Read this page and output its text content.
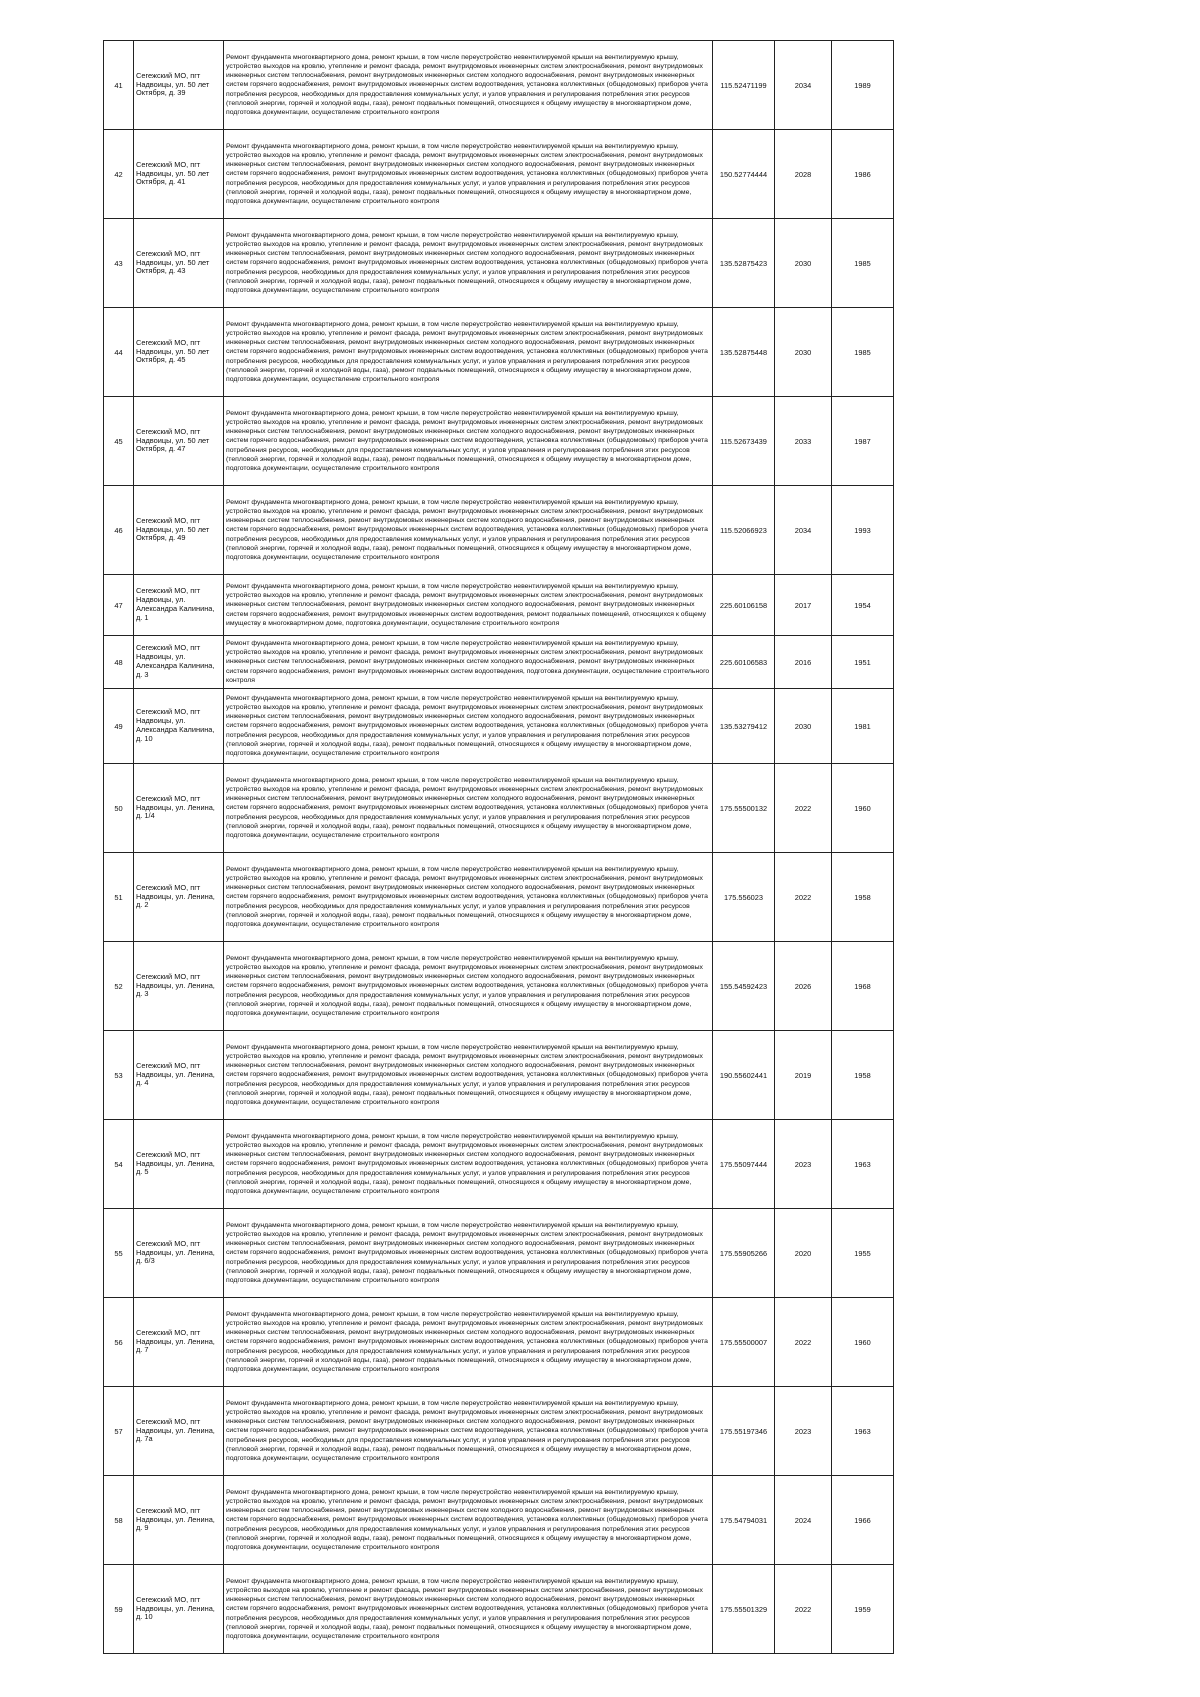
41	Сегежский МО, пгт Надвоицы, ул. 50 лет Октября, д. 39	Ремонт фундамента многоквартирного дома, ремонт крыши, в том числе переустройство невентилируемой крыши на вентилируемую крышу, устройство выходов на кровлю, утепление и ремонт фасада, ремонт внутридомовых инженерных систем электроснабжения, ремонт внутридомовых инженерных систем теплоснабжения, ремонт внутридомовых инженерных систем холодного водоснабжения, ремонт внутридомовых инженерных систем горячего водоснабжения, ремонт внутридомовых инженерных систем водоотведения, установка коллективных (общедомовых) приборов учета потребления ресурсов, необходимых для предоставления коммунальных услуг, и узлов управления и регулирования потребления этих ресурсов (тепловой энергии, горячей и холодной воды, газа), ремонт подвальных помещений, относящихся к общему имуществу в многоквартирном доме, подготовка документации, осуществление строительного контроля	115.52471199	2034	1989
42	Сегежский МО, пгт Надвоицы, ул. 50 лет Октября, д. 41	Ремонт фундамента многоквартирного дома, ремонт крыши, в том числе переустройство невентилируемой крыши на вентилируемую крышу, устройство выходов на кровлю, утепление и ремонт фасада, ремонт внутридомовых инженерных систем электроснабжения, ремонт внутридомовых инженерных систем теплоснабжения, ремонт внутридомовых инженерных систем холодного водоснабжения, ремонт внутридомовых инженерных систем горячего водоснабжения, ремонт внутридомовых инженерных систем водоотведения, установка коллективных (общедомовых) приборов учета потребления ресурсов, необходимых для предоставления коммунальных услуг, и узлов управления и регулирования потребления этих ресурсов (тепловой энергии, горячей и холодной воды, газа), ремонт подвальных помещений, относящихся к общему имуществу в многоквартирном доме, подготовка документации, осуществление строительного контроля	150.52774444	2028	1986
43	Сегежский МО, пгт Надвоицы, ул. 50 лет Октября, д. 43	Ремонт фундамента многоквартирного дома, ремонт крыши, в том числе переустройство невентилируемой крыши на вентилируемую крышу, устройство выходов на кровлю, утепление и ремонт фасада, ремонт внутридомовых инженерных систем электроснабжения, ремонт внутридомовых инженерных систем теплоснабжения, ремонт внутридомовых инженерных систем холодного водоснабжения, ремонт внутридомовых инженерных систем горячего водоснабжения, ремонт внутридомовых инженерных систем водоотведения, установка коллективных (общедомовых) приборов учета потребления ресурсов, необходимых для предоставления коммунальных услуг, и узлов управления и регулирования потребления этих ресурсов (тепловой энергии, горячей и холодной воды, газа), ремонт подвальных помещений, относящихся к общему имуществу в многоквартирном доме, подготовка документации, осуществление строительного контроля	135.52875423	2030	1985
44	Сегежский МО, пгт Надвоицы, ул. 50 лет Октября, д. 45	Ремонт фундамента многоквартирного дома, ремонт крыши, в том числе переустройство невентилируемой крыши на вентилируемую крышу, устройство выходов на кровлю, утепление и ремонт фасада, ремонт внутридомовых инженерных систем электроснабжения, ремонт внутридомовых инженерных систем теплоснабжения, ремонт внутридомовых инженерных систем холодного водоснабжения, ремонт внутридомовых инженерных систем горячего водоснабжения, ремонт внутридомовых инженерных систем водоотведения, установка коллективных (общедомовых) приборов учета потребления ресурсов, необходимых для предоставления коммунальных услуг, и узлов управления и регулирования потребления этих ресурсов (тепловой энергии, горячей и холодной воды, газа), ремонт подвальных помещений, относящихся к общему имуществу в многоквартирном доме, подготовка документации, осуществление строительного контроля	135.52875448	2030	1985
45	Сегежский МО, пгт Надвоицы, ул. 50 лет Октября, д. 47	Ремонт фундамента многоквартирного дома, ремонт крыши, в том числе переустройство невентилируемой крыши на вентилируемую крышу, устройство выходов на кровлю, утепление и ремонт фасада, ремонт внутридомовых инженерных систем электроснабжения, ремонт внутридомовых инженерных систем теплоснабжения, ремонт внутридомовых инженерных систем холодного водоснабжения, ремонт внутридомовых инженерных систем горячего водоснабжения, ремонт внутридомовых инженерных систем водоотведения, установка коллективных (общедомовых) приборов учета потребления ресурсов, необходимых для предоставления коммунальных услуг, и узлов управления и регулирования потребления этих ресурсов (тепловой энергии, горячей и холодной воды, газа), ремонт подвальных помещений, относящихся к общему имуществу в многоквартирном доме, подготовка документации, осуществление строительного контроля	115.52673439	2033	1987
46	Сегежский МО, пгт Надвоицы, ул. 50 лет Октября, д. 49	Ремонт фундамента многоквартирного дома, ремонт крыши, в том числе переустройство невентилируемой крыши на вентилируемую крышу, устройство выходов на кровлю, утепление и ремонт фасада, ремонт внутридомовых инженерных систем электроснабжения, ремонт внутридомовых инженерных систем теплоснабжения, ремонт внутридомовых инженерных систем холодного водоснабжения, ремонт внутридомовых инженерных систем горячего водоснабжения, ремонт внутридомовых инженерных систем водоотведения, установка коллективных (общедомовых) приборов учета потребления ресурсов, необходимых для предоставления коммунальных услуг, и узлов управления и регулирования потребления этих ресурсов (тепловой энергии, горячей и холодной воды, газа), ремонт подвальных помещений, относящихся к общему имуществу в многоквартирном доме, подготовка документации, осуществление строительного контроля	115.52066923	2034	1993
47	Сегежский МО, пгт Надвоицы, ул. Александра Калинина, д. 1	Ремонт фундамента многоквартирного дома, ремонт крыши, в том числе переустройство невентилируемой крыши на вентилируемую крышу, устройство выходов на кровлю, утепление и ремонт фасада, ремонт внутридомовых инженерных систем электроснабжения, ремонт внутридомовых инженерных систем теплоснабжения, ремонт внутридомовых инженерных систем холодного водоснабжения, ремонт внутридомовых инженерных систем горячего водоснабжения, ремонт внутридомовых инженерных систем водоотведения, ремонт подвальных помещений, относящихся к общему имуществу в многоквартирном доме, подготовка документации, осуществление строительного контроля	225.60106158	2017	1954
48	Сегежский МО, пгт Надвоицы, ул. Александра Калинина, д. 3	Ремонт фундамента многоквартирного дома, ремонт крыши, в том числе переустройство невентилируемой крыши на вентилируемую крышу, устройство выходов на кровлю, утепление и ремонт фасада, ремонт внутридомовых инженерных систем электроснабжения, ремонт внутридомовых инженерных систем теплоснабжения, ремонт внутридомовых инженерных систем холодного водоснабжения, ремонт внутридомовых инженерных систем горячего водоснабжения, ремонт внутридомовых инженерных систем водоотведения, подготовка документации, осуществление строительного контроля	225.60106583	2016	1951
49	Сегежский МО, пгт Надвоицы, ул. Александра Калинина, д. 10	Ремонт фундамента многоквартирного дома, ремонт крыши, в том числе переустройство невентилируемой крыши на вентилируемую крышу, устройство выходов на кровлю, утепление и ремонт фасада, ремонт внутридомовых инженерных систем электроснабжения, ремонт внутридомовых инженерных систем теплоснабжения, ремонт внутридомовых инженерных систем холодного водоснабжения, ремонт внутридомовых инженерных систем горячего водоснабжения, ремонт внутридомовых инженерных систем водоотведения, установка коллективных (общедомовых) приборов учета потребления ресурсов, необходимых для предоставления коммунальных услуг, и узлов управления и регулирования потребления этих ресурсов (тепловой энергии, горячей и холодной воды, газа), ремонт подвальных помещений, относящихся к общему имуществу в многоквартирном доме, подготовка документации, осуществление строительного контроля	135.53279412	2030	1981
50	Сегежский МО, пгт Надвоицы, ул. Ленина, д. 1/4	Ремонт фундамента многоквартирного дома, ремонт крыши, в том числе переустройство невентилируемой крыши на вентилируемую крышу, устройство выходов на кровлю, утепление и ремонт фасада, ремонт внутридомовых инженерных систем электроснабжения, ремонт внутридомовых инженерных систем теплоснабжения, ремонт внутридомовых инженерных систем холодного водоснабжения, ремонт внутридомовых инженерных систем горячего водоснабжения, ремонт внутридомовых инженерных систем водоотведения, установка коллективных (общедомовых) приборов учета потребления ресурсов, необходимых для предоставления коммунальных услуг, и узлов управления и регулирования потребления этих ресурсов (тепловой энергии, горячей и холодной воды, газа), ремонт подвальных помещений, относящихся к общему имуществу в многоквартирном доме, подготовка документации, осуществление строительного контроля	175.55500132	2022	1960
51	Сегежский МО, пгт Надвоицы, ул. Ленина, д. 2	Ремонт фундамента многоквартирного дома, ремонт крыши, в том числе переустройство невентилируемой крыши на вентилируемую крышу, устройство выходов на кровлю, утепление и ремонт фасада, ремонт внутридомовых инженерных систем электроснабжения, ремонт внутридомовых инженерных систем теплоснабжения, ремонт внутридомовых инженерных систем холодного водоснабжения, ремонт внутридомовых инженерных систем горячего водоснабжения, ремонт внутридомовых инженерных систем водоотведения, установка коллективных (общедомовых) приборов учета потребления ресурсов, необходимых для предоставления коммунальных услуг, и узлов управления и регулирования потребления этих ресурсов (тепловой энергии, горячей и холодной воды, газа), ремонт подвальных помещений, относящихся к общему имуществу в многоквартирном доме, подготовка документации, осуществление строительного контроля	175.556023	2022	1958
52	Сегежский МО, пгт Надвоицы, ул. Ленина, д. 3	Ремонт фундамента многоквартирного дома, ремонт крыши, в том числе переустройство невентилируемой крыши на вентилируемую крышу, устройство выходов на кровлю, утепление и ремонт фасада, ремонт внутридомовых инженерных систем электроснабжения, ремонт внутридомовых инженерных систем теплоснабжения, ремонт внутридомовых инженерных систем холодного водоснабжения, ремонт внутридомовых инженерных систем горячего водоснабжения, ремонт внутридомовых инженерных систем водоотведения, установка коллективных (общедомовых) приборов учета потребления ресурсов, необходимых для предоставления коммунальных услуг, и узлов управления и регулирования потребления этих ресурсов (тепловой энергии, горячей и холодной воды, газа), ремонт подвальных помещений, относящихся к общему имуществу в многоквартирном доме, подготовка документации, осуществление строительного контроля	155.54592423	2026	1968
53	Сегежский МО, пгт Надвоицы, ул. Ленина, д. 4	Ремонт фундамента многоквартирного дома, ремонт крыши, в том числе переустройство невентилируемой крыши на вентилируемую крышу, устройство выходов на кровлю, утепление и ремонт фасада, ремонт внутридомовых инженерных систем электроснабжения, ремонт внутридомовых инженерных систем теплоснабжения, ремонт внутридомовых инженерных систем холодного водоснабжения, ремонт внутридомовых инженерных систем горячего водоснабжения, ремонт внутридомовых инженерных систем водоотведения, установка коллективных (общедомовых) приборов учета потребления ресурсов, необходимых для предоставления коммунальных услуг, и узлов управления и регулирования потребления этих ресурсов (тепловой энергии, горячей и холодной воды, газа), ремонт подвальных помещений, относящихся к общему имуществу в многоквартирном доме, подготовка документации, осуществление строительного контроля	190.55602441	2019	1958
54	Сегежский МО, пгт Надвоицы, ул. Ленина, д. 5	Ремонт фундамента многоквартирного дома, ремонт крыши, в том числе переустройство невентилируемой крыши на вентилируемую крышу, устройство выходов на кровлю, утепление и ремонт фасада, ремонт внутридомовых инженерных систем электроснабжения, ремонт внутридомовых инженерных систем теплоснабжения, ремонт внутридомовых инженерных систем холодного водоснабжения, ремонт внутридомовых инженерных систем горячего водоснабжения, ремонт внутридомовых инженерных систем водоотведения, установка коллективных (общедомовых) приборов учета потребления ресурсов, необходимых для предоставления коммунальных услуг, и узлов управления и регулирования потребления этих ресурсов (тепловой энергии, горячей и холодной воды, газа), ремонт подвальных помещений, относящихся к общему имуществу в многоквартирном доме, подготовка документации, осуществление строительного контроля	175.55097444	2023	1963
55	Сегежский МО, пгт Надвоицы, ул. Ленина, д. 6/3	Ремонт фундамента многоквартирного дома, ремонт крыши, в том числе переустройство невентилируемой крыши на вентилируемую крышу, устройство выходов на кровлю, утепление и ремонт фасада, ремонт внутридомовых инженерных систем электроснабжения, ремонт внутридомовых инженерных систем теплоснабжения, ремонт внутридомовых инженерных систем холодного водоснабжения, ремонт внутридомовых инженерных систем горячего водоснабжения, ремонт внутридомовых инженерных систем водоотведения, установка коллективных (общедомовых) приборов учета потребления ресурсов, необходимых для предоставления коммунальных услуг, и узлов управления и регулирования потребления этих ресурсов (тепловой энергии, горячей и холодной воды, газа), ремонт подвальных помещений, относящихся к общему имуществу в многоквартирном доме, подготовка документации, осуществление строительного контроля	175.55905266	2020	1955
56	Сегежский МО, пгт Надвоицы, ул. Ленина, д. 7	Ремонт фундамента многоквартирного дома, ремонт крыши, в том числе переустройство невентилируемой крыши на вентилируемую крышу, устройство выходов на кровлю, утепление и ремонт фасада, ремонт внутридомовых инженерных систем электроснабжения, ремонт внутридомовых инженерных систем теплоснабжения, ремонт внутридомовых инженерных систем холодного водоснабжения, ремонт внутридомовых инженерных систем горячего водоснабжения, ремонт внутридомовых инженерных систем водоотведения, установка коллективных (общедомовых) приборов учета потребления ресурсов, необходимых для предоставления коммунальных услуг, и узлов управления и регулирования потребления этих ресурсов (тепловой энергии, горячей и холодной воды, газа), ремонт подвальных помещений, относящихся к общему имуществу в многоквартирном доме, подготовка документации, осуществление строительного контроля	175.55500007	2022	1960
57	Сегежский МО, пгт Надвоицы, ул. Ленина, д. 7а	Ремонт фундамента многоквартирного дома, ремонт крыши, в том числе переустройство невентилируемой крыши на вентилируемую крышу, устройство выходов на кровлю, утепление и ремонт фасада, ремонт внутридомовых инженерных систем электроснабжения, ремонт внутридомовых инженерных систем теплоснабжения, ремонт внутридомовых инженерных систем холодного водоснабжения, ремонт внутридомовых инженерных систем горячего водоснабжения, ремонт внутридомовых инженерных систем водоотведения, установка коллективных (общедомовых) приборов учета потребления ресурсов, необходимых для предоставления коммунальных услуг, и узлов управления и регулирования потребления этих ресурсов (тепловой энергии, горячей и холодной воды, газа), ремонт подвальных помещений, относящихся к общему имуществу в многоквартирном доме, подготовка документации, осуществление строительного контроля	175.55197346	2023	1963
58	Сегежский МО, пгт Надвоицы, ул. Ленина, д. 9	Ремонт фундамента многоквартирного дома, ремонт крыши, в том числе переустройство невентилируемой крыши на вентилируемую крышу, устройство выходов на кровлю, утепление и ремонт фасада, ремонт внутридомовых инженерных систем электроснабжения, ремонт внутридомовых инженерных систем теплоснабжения, ремонт внутридомовых инженерных систем холодного водоснабжения, ремонт внутридомовых инженерных систем горячего водоснабжения, ремонт внутридомовых инженерных систем водоотведения, установка коллективных (общедомовых) приборов учета потребления ресурсов, необходимых для предоставления коммунальных услуг, и узлов управления и регулирования потребления этих ресурсов (тепловой энергии, горячей и холодной воды, газа), ремонт подвальных помещений, относящихся к общему имуществу в многоквартирном доме, подготовка документации, осуществление строительного контроля	175.54794031	2024	1966
59	Сегежский МО, пгт Надвоицы, ул. Ленина, д. 10	Ремонт фундамента многоквартирного дома, ремонт крыши, в том числе переустройство невентилируемой крыши на вентилируемую крышу, устройство выходов на кровлю, утепление и ремонт фасада, ремонт внутридомовых инженерных систем электроснабжения, ремонт внутридомовых инженерных систем теплоснабжения, ремонт внутридомовых инженерных систем холодного водоснабжения, ремонт внутридомовых инженерных систем горячего водоснабжения, ремонт внутридомовых инженерных систем водоотведения, установка коллективных (общедомовых) приборов учета потребления ресурсов, необходимых для предоставления коммунальных услуг, и узлов управления и регулирования потребления этих ресурсов (тепловой энергии, горячей и холодной воды, газа), ремонт подвальных помещений, относящихся к общему имуществу в многоквартирном доме, подготовка документации, осуществление строительного контроля	175.55501329	2022	1959
